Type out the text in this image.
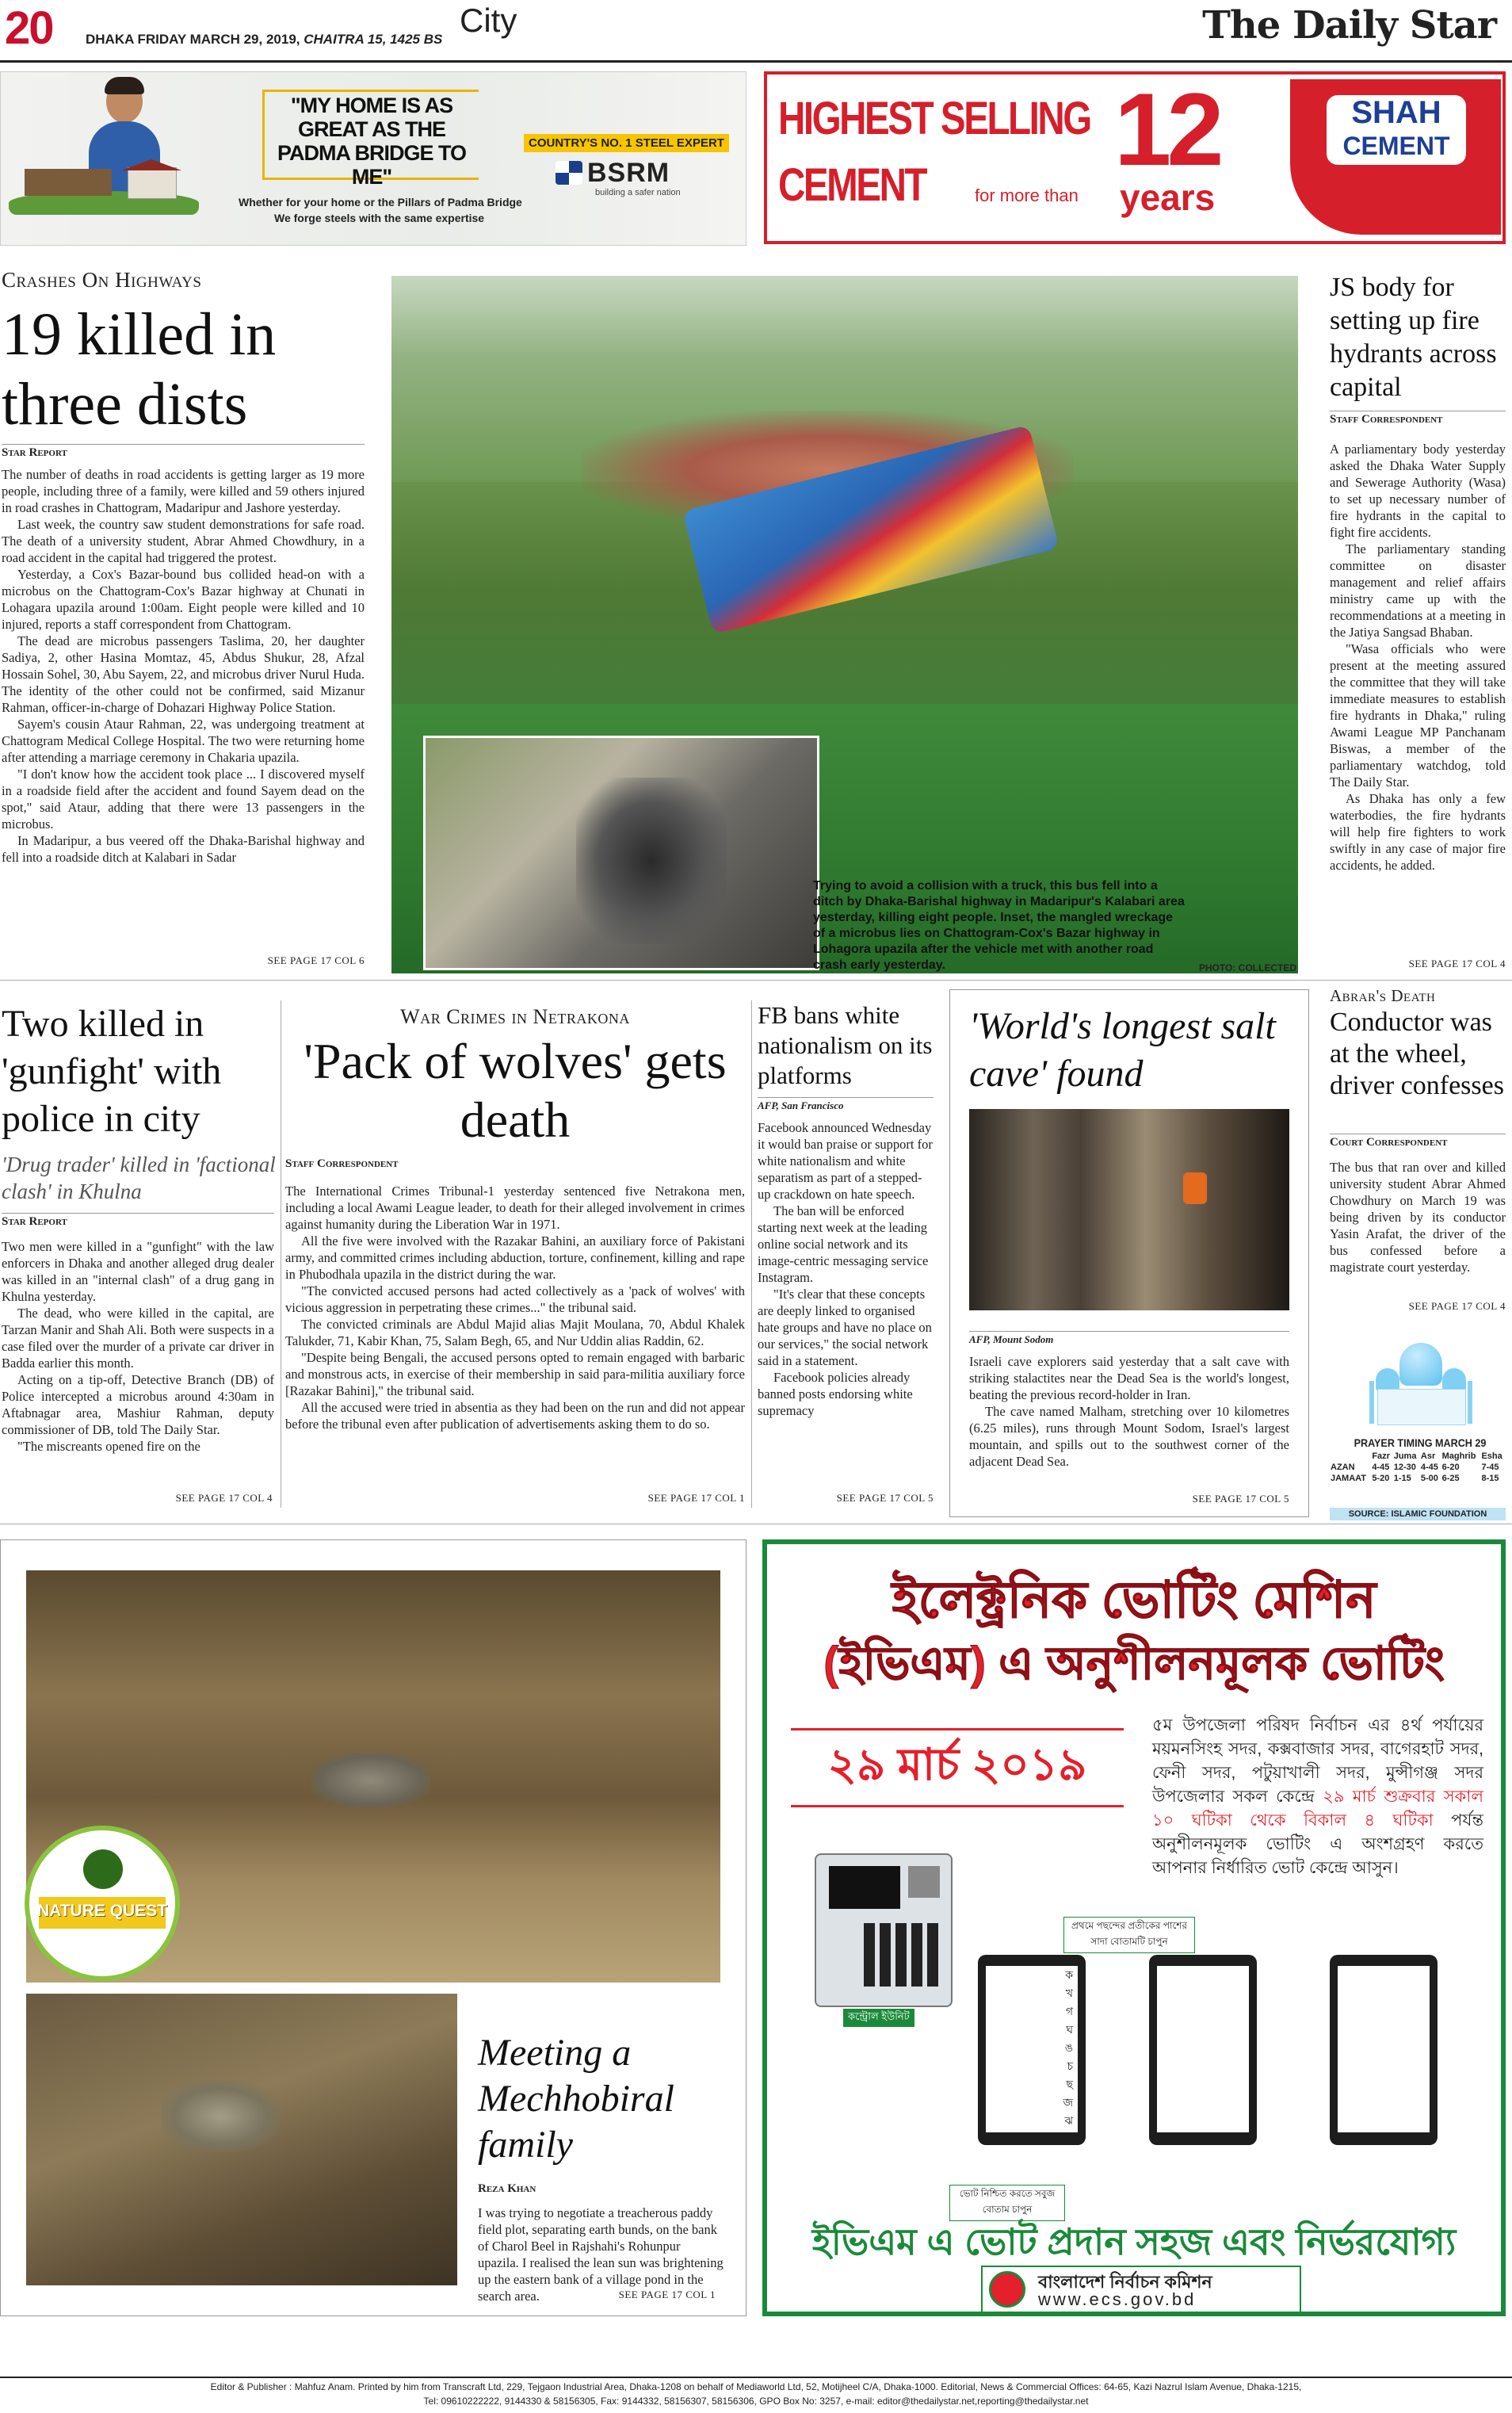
20 DHAKA FRIDAY MARCH 29, 2019, CHAITRA 15, 1425 BS
City	The Daily Star
"MY HOME IS AS GREAT AS THE PADMA BRIDGE TO ME"
COUNTRY'S NO. 1 STEEL EXPERT
BSRM
building a safer nation
Whether for your home or the Pillars of Padma Bridge
We forge steels with the same expertise
HIGHEST SELLING
CEMENT	for more than
12
years
SHAH
CEMENT
Crashes On Highways
19 killed in three dists
Star Report

The number of deaths in road accidents is getting larger as 19 more people, including three of a family, were killed and 59 others injured in road crashes in Chattogram, Madaripur and Jashore yesterday.

Last week, the country saw student demonstrations for safe road. The death of a university student, Abrar Ahmed Chowdhury, in a road accident in the capital had triggered the protest.

Yesterday, a Cox's Bazar-bound bus collided head-on with a microbus on the Chattogram-Cox's Bazar highway at Chunati in Lohagara upazila around 1:00am. Eight people were killed and 10 injured, reports a staff correspondent from Chattogram.

The dead are microbus passengers Taslima, 20, her daughter Sadiya, 2, other Hasina Momtaz, 45, Abdus Shukur, 28, Afzal Hossain Sohel, 30, Abu Sayem, 22, and microbus driver Nurul Huda. The identity of the other could not be confirmed, said Mizanur Rahman, officer-in-charge of Dohazari Highway Police Station.

Sayem's cousin Ataur Rahman, 22, was undergoing treatment at Chattogram Medical College Hospital. The two were returning home after attending a marriage ceremony in Chakaria upazila.

"I don't know how the accident took place ... I discovered myself in a roadside field after the accident and found Sayem dead on the spot," said Ataur, adding that there were 13 passengers in the microbus.

In Madaripur, a bus veered off the Dhaka-Barishal highway and fell into a roadside ditch at Kalabari in Sadar

SEE PAGE 17 COL 6
Trying to avoid a collision with a truck, this bus fell into a ditch by Dhaka-Barishal highway in Madaripur's Kalabari area yesterday, killing eight people. Inset, the mangled wreckage of a microbus lies on Chattogram-Cox's Bazar highway in Lohagora upazila after the vehicle met with another road crash early yesterday.	PHOTO: COLLECTED
JS body for setting up fire hydrants across capital
Staff Correspondent

A parliamentary body yesterday asked the Dhaka Water Supply and Sewerage Authority (Wasa) to set up necessary number of fire hydrants in the capital to fight fire accidents.

The parliamentary standing committee on disaster management and relief affairs ministry came up with the recommendations at a meeting in the Jatiya Sangsad Bhaban.

"Wasa officials who were present at the meeting assured the committee that they will take immediate measures to establish fire hydrants in Dhaka," ruling Awami League MP Panchanam Biswas, a member of the parliamentary watchdog, told The Daily Star.

As Dhaka has only a few waterbodies, the fire hydrants will help fire fighters to work swiftly in any case of major fire accidents, he added.

SEE PAGE 17 COL 4
Two killed in 'gunfight' with police in city
'Drug trader' killed in 'factional clash' in Khulna
Star Report

Two men were killed in a "gunfight" with the law enforcers in Dhaka and another alleged drug dealer was killed in an "internal clash" of a drug gang in Khulna yesterday.

The dead, who were killed in the capital, are Tarzan Manir and Shah Ali. Both were suspects in a case filed over the murder of a private car driver in Badda earlier this month.

Acting on a tip-off, Detective Branch (DB) of Police intercepted a microbus around 4:30am in Aftabnagar area, Mashiur Rahman, deputy commissioner of DB, told The Daily Star.

"The miscreants opened fire on the

SEE PAGE 17 COL 4
War Crimes in Netrakona
'Pack of wolves' gets death
Staff Correspondent

The International Crimes Tribunal-1 yesterday sentenced five Netrakona men, including a local Awami League leader, to death for their alleged involvement in crimes against humanity during the Liberation War in 1971.

All the five were involved with the Razakar Bahini, an auxiliary force of Pakistani army, and committed crimes including abduction, torture, confinement, killing and rape in Phubodhala upazila in the district during the war.

"The convicted accused persons had acted collectively as a 'pack of wolves' with vicious aggression in perpetrating these crimes..." the tribunal said.

The convicted criminals are Abdul Majid alias Majit Moulana, 70, Abdul Khalek Talukder, 71, Kabir Khan, 75, Salam Begh, 65, and Nur Uddin alias Raddin, 62.

"Despite being Bengali, the accused persons opted to remain engaged with barbaric and monstrous acts, in exercise of their membership in said para-militia auxiliary force [Razakar Bahini]," the tribunal said.

All the accused were tried in absentia as they had been on the run and did not appear before the tribunal even after publication of advertisements asking them to do so.

SEE PAGE 17 COL 1
FB bans white nationalism on its platforms
AFP, San Francisco

Facebook announced Wednesday it would ban praise or support for white nationalism and white separatism as part of a stepped-up crackdown on hate speech.

The ban will be enforced starting next week at the leading online social network and its image-centric messaging service Instagram.

"It's clear that these concepts are deeply linked to organised hate groups and have no place on our services," the social network said in a statement.

Facebook policies already banned posts endorsing white supremacy

SEE PAGE 17 COL 5
'World's longest salt cave' found
AFP, Mount Sodom

Israeli cave explorers said yesterday that a salt cave with striking stalactites near the Dead Sea is the world's longest, beating the previous record-holder in Iran.

The cave named Malham, stretching over 10 kilometres (6.25 miles), runs through Mount Sodom, Israel's largest mountain, and spills out to the southwest corner of the adjacent Dead Sea.

SEE PAGE 17 COL 5
Abrar's Death
Conductor was at the wheel, driver confesses
Court Correspondent

The bus that ran over and killed university student Abrar Ahmed Chowdhury on March 19 was being driven by its conductor Yasin Arafat, the driver of the bus confessed before a magistrate court yesterday.

SEE PAGE 17 COL 4
PRAYER TIMING MARCH 29
	Fazr	Juma	Asr	Maghrib	Esha
AZAN	4-45	12-30	4-45	6-20	7-45
JAMAAT	5-20	1-15	5-00	6-25	8-15
SOURCE: ISLAMIC FOUNDATION
NATURE QUEST
Meeting a Mechhobiral family
Reza Khan

I was trying to negotiate a treacherous paddy field plot, separating earth bunds, on the bank of Charol Beel in Rajshahi's Rohunpur upazila. I realised the lean sun was brightening up the eastern bank of a village pond in the search area.	SEE PAGE 17 COL 1
ইলেক্ট্রনিক ভোটিং মেশিন
(ইভিএম) এ অনুশীলনমূলক ভোটিং
২৯ মার্চ ২০১৯
৫ম উপজেলা পরিষদ নির্বাচন এর ৪র্থ পর্যায়ের ময়মনসিংহ সদর, কক্সবাজার সদর, বাগেরহাট সদর, ফেনী সদর, পটুয়াখালী সদর, মুন্সীগঞ্জ সদর উপজেলার সকল কেন্দ্রে ২৯ মার্চ শুক্রবার সকাল ১০ ঘটিকা থেকে বিকাল ৪ ঘটিকা পর্যন্ত অনুশীলনমূলক ভোটিং এ অংশগ্রহণ করতে আপনার নির্ধারিত ভোট কেন্দ্রে আসুন।
কন্ট্রোল ইউনিট
প্রথমে পছন্দের প্রতীকের পাশের সাদা বোতামটি চাপুন
ক
খ
গ
ঘ
ঙ
চ
ছ
জ
ঝ
ভোট নিশ্চিত করতে সবুজ বোতাম চাপুন
ইভিএম এ ভোট প্রদান সহজ এবং নির্ভরযোগ্য
বাংলাদেশ নির্বাচন কমিশন
www.ecs.gov.bd
Editor & Publisher : Mahfuz Anam. Printed by him from Transcraft Ltd, 229, Tejgaon Industrial Area, Dhaka-1208 on behalf of Mediaworld Ltd, 52, Motijheel C/A, Dhaka-1000. Editorial, News & Commercial Offices: 64-65, Kazi Nazrul Islam Avenue, Dhaka-1215,
Tel: 09610222222, 9144330 & 58156305, Fax: 9144332, 58156307, 58156306, GPO Box No: 3257, e-mail: editor@thedailystar.net,reporting@thedailystar.net
